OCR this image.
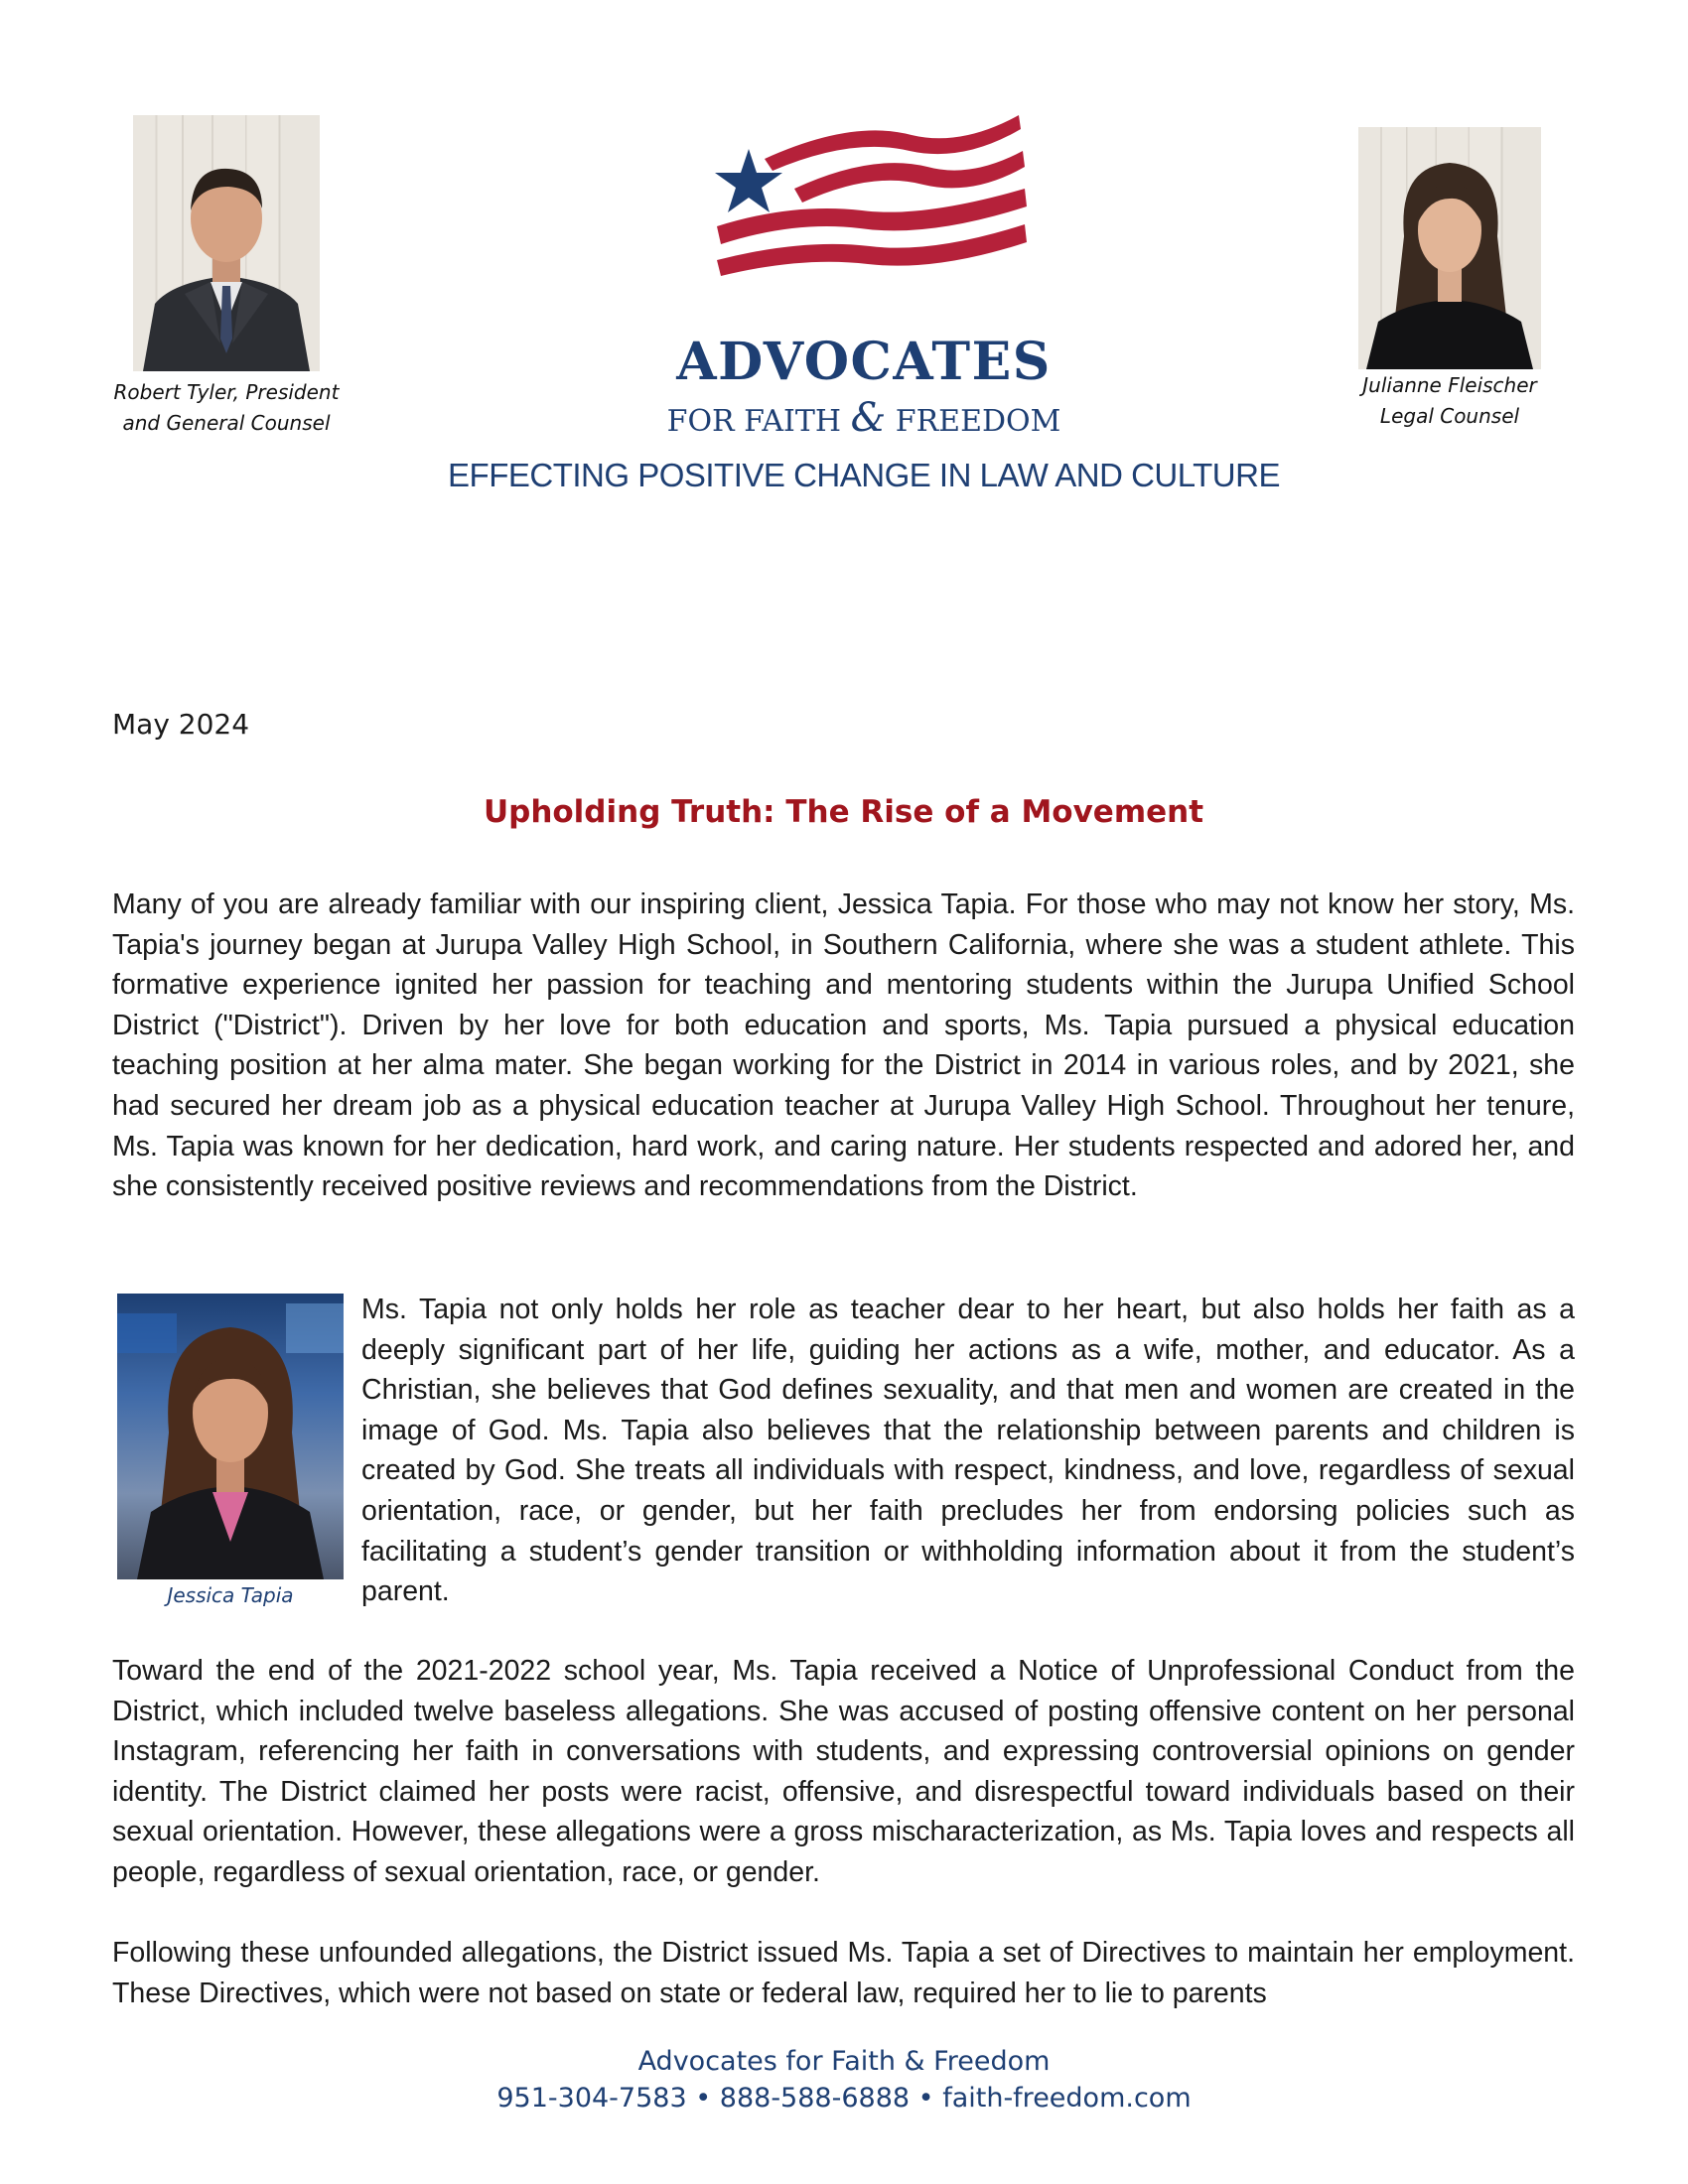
Robert Tyler, President
and General Counsel
Julianne Fleischer
Legal Counsel
ADVOCATES
FOR FAITH & FREEDOM
EFFECTING POSITIVE CHANGE IN LAW AND CULTURE
May 2024
Upholding Truth: The Rise of a Movement

Many of you are already familiar with our inspiring client, Jessica Tapia. For those who may not know her story, Ms. Tapia's journey began at Jurupa Valley High School, in Southern California, where she was a student athlete. This formative experience ignited her passion for teaching and mentoring students within the Jurupa Unified School District ("District"). Driven by her love for both education and sports, Ms. Tapia pursued a physical education teaching position at her alma mater. She began working for the District in 2014 in various roles, and by 2021, she had secured her dream job as a physical education teacher at Jurupa Valley High School. Throughout her tenure, Ms. Tapia was known for her dedication, hard work, and caring nature. Her students respected and adored her, and she consistently received positive reviews and recommendations from the District.

Jessica Tapia

Ms. Tapia not only holds her role as teacher dear to her heart, but also holds her faith as a deeply significant part of her life, guiding her actions as a wife, mother, and educator. As a Christian, she believes that God defines sexuality, and that men and women are created in the image of God. Ms. Tapia also believes that the relationship between parents and children is created by God. She treats all individuals with respect, kindness, and love, regardless of sexual orientation, race, or gender, but her faith precludes her from endorsing policies such as facilitating a student’s gender transition or withholding information about it from the student’s parent.

Toward the end of the 2021-2022 school year, Ms. Tapia received a Notice of Unprofessional Conduct from the District, which included twelve baseless allegations. She was accused of posting offensive content on her personal Instagram, referencing her faith in conversations with students, and expressing controversial opinions on gender identity. The District claimed her posts were racist, offensive, and disrespectful toward individuals based on their sexual orientation. However, these allegations were a gross mischaracterization, as Ms. Tapia loves and respects all people, regardless of sexual orientation, race, or gender.

Following these unfounded allegations, the District issued Ms. Tapia a set of Directives to maintain her employment. These Directives, which were not based on state or federal law, required her to lie to parents

Advocates for Faith & Freedom
951-304-7583 • 888-588-6888 • faith-freedom.com
